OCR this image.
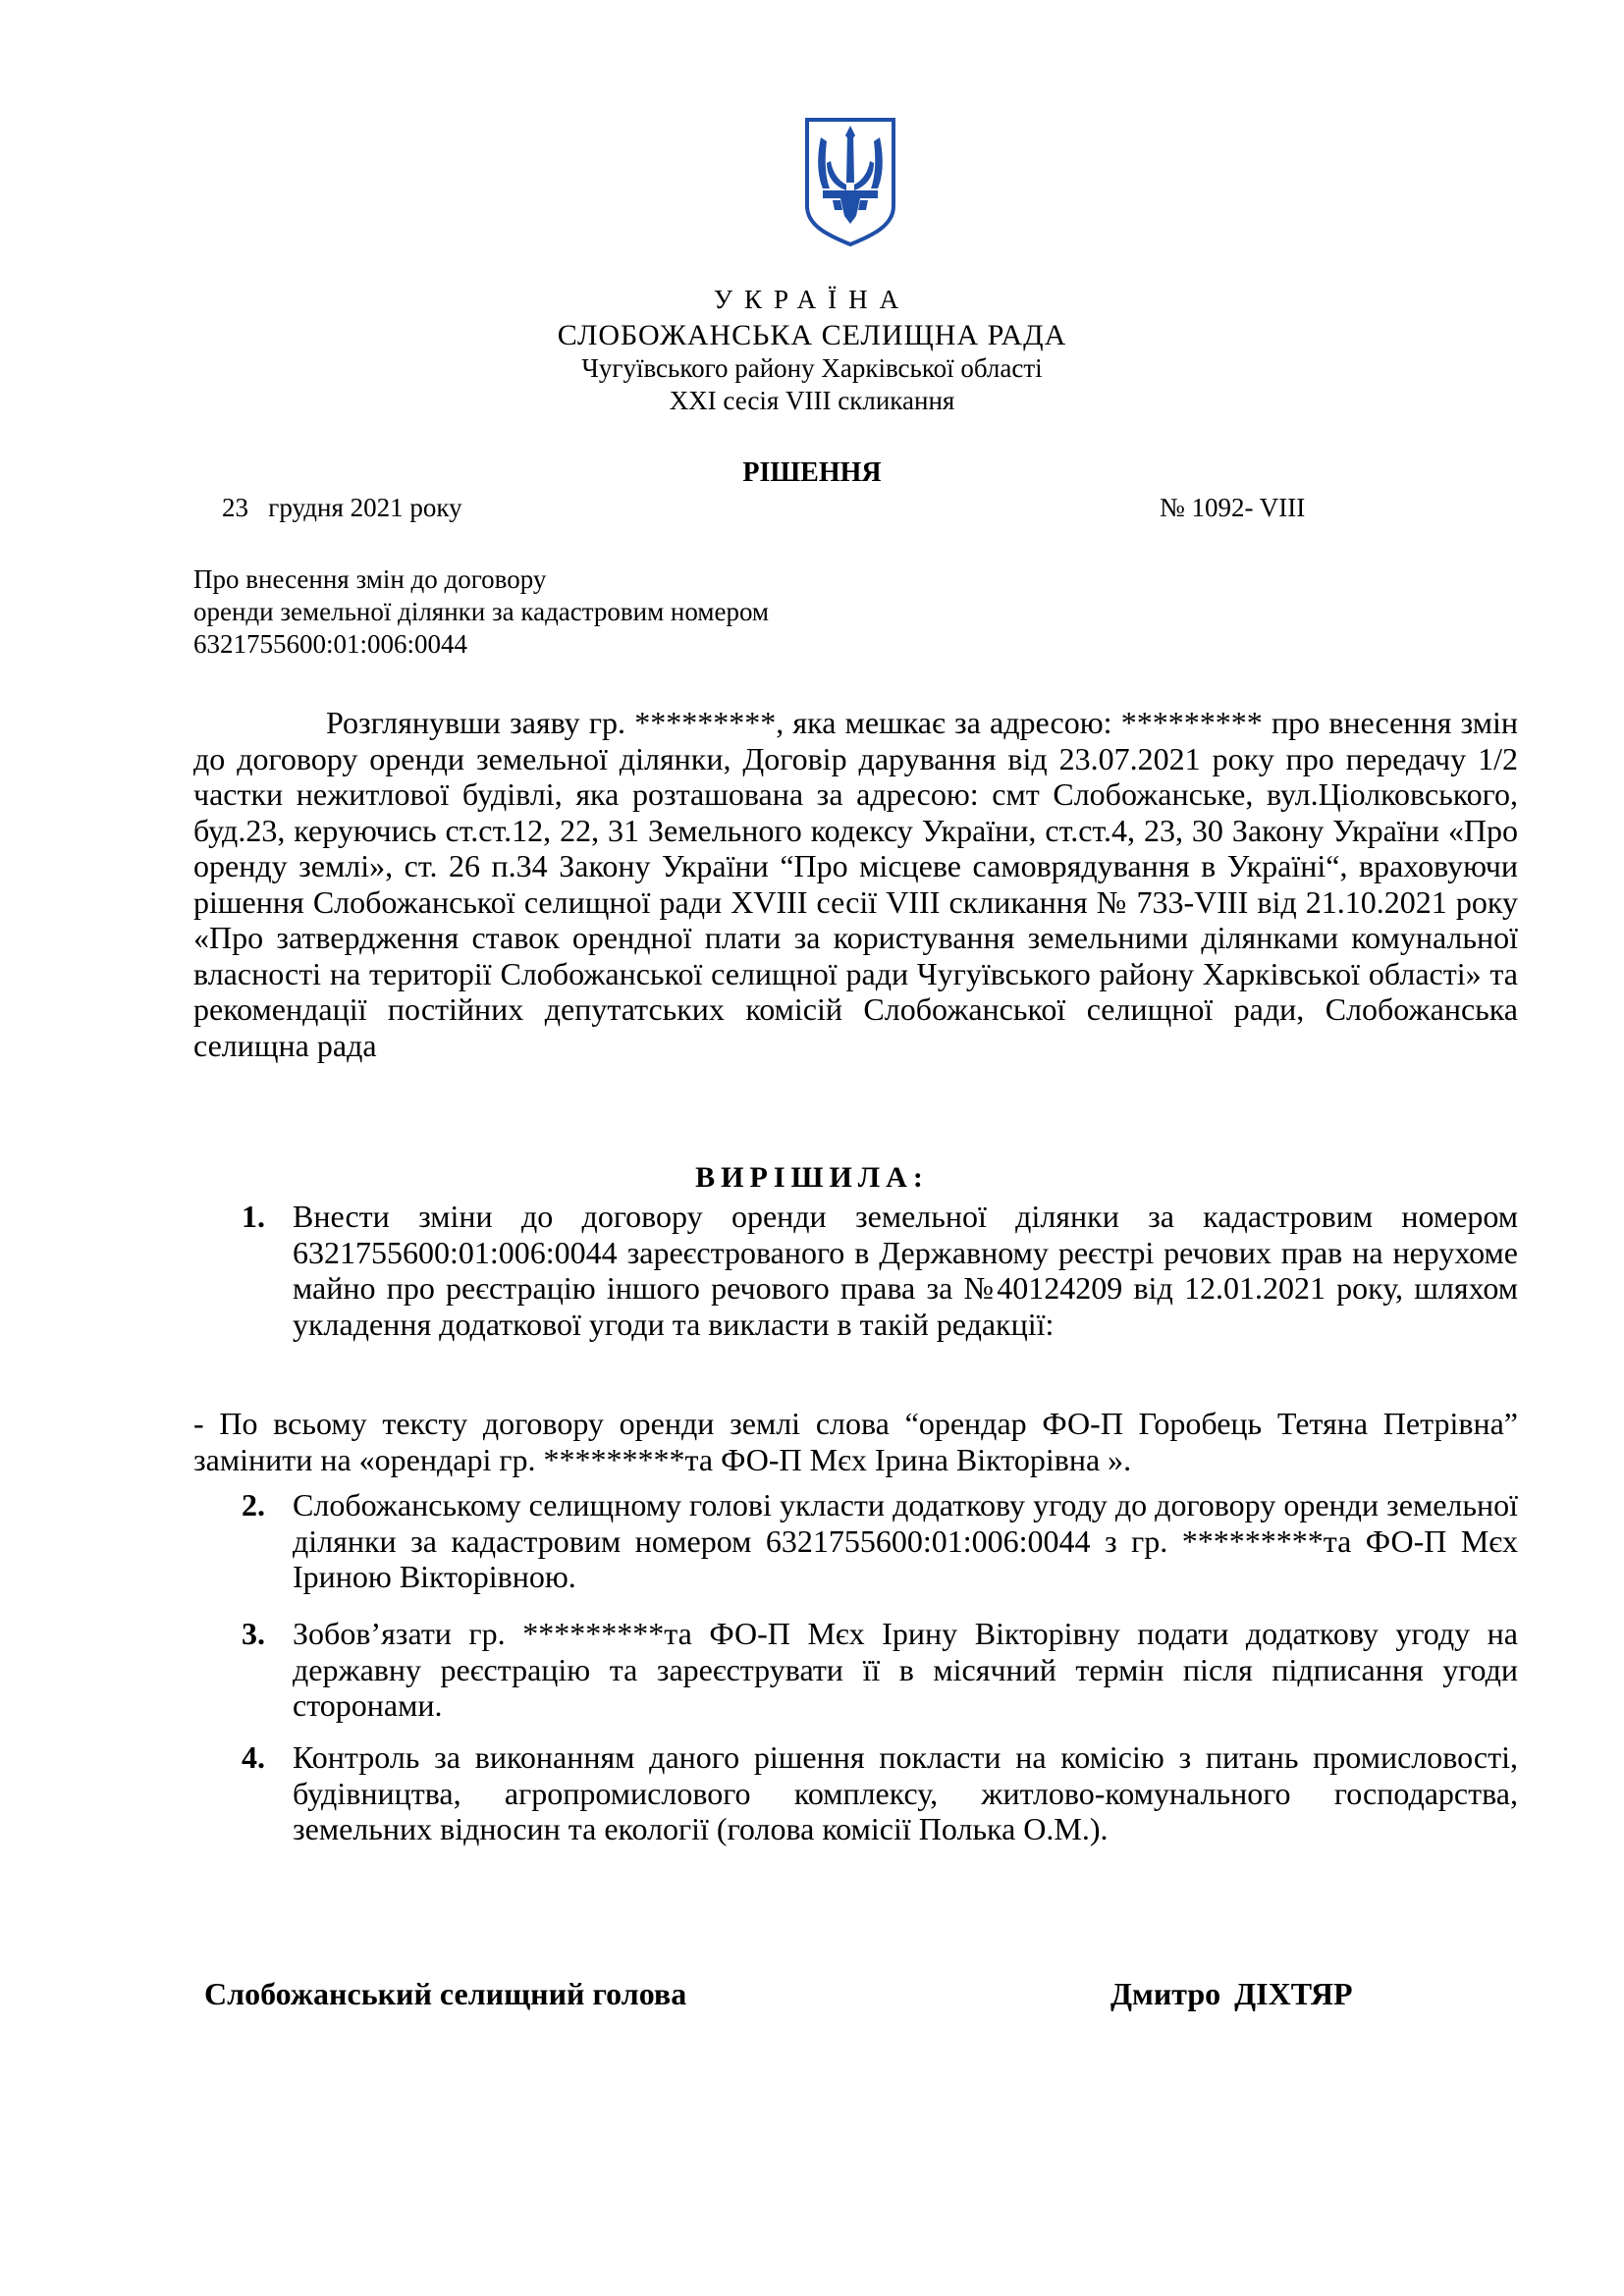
УКРАЇНА
СЛОБОЖАНСЬКА СЕЛИЩНА РАДА
Чугуївського району Харківської області
XXI сесія VIII скликання
РІШЕННЯ
23   грудня 2021 року	№ 1092- VIII
Про внесення змін до договору
оренди земельної ділянки за кадастровим номером
6321755600:01:006:0044
Розглянувши заяву гр. *********, яка мешкає за адресою: ********* про внесення змін до договору оренди земельної ділянки, Договір дарування від 23.07.2021 року про передачу 1/2 частки нежитлової будівлі, яка розташована за адресою: смт Слобожанське, вул.Ціолковського, буд.23, керуючись ст.ст.12, 22, 31 Земельного кодексу України, ст.ст.4, 23, 30 Закону України «Про оренду землі», ст. 26 п.34 Закону України “Про місцеве самоврядування в Україні“, враховуючи рішення Слобожанської селищної ради XVIII сесії VIII скликання № 733-VIII від 21.10.2021 року «Про затвердження ставок орендної плати за користування земельними ділянками комунальної власності на території Слобожанської селищної ради Чугуївського району Харківської області» та рекомендації постійних депутатських комісій Слобожанської селищної ради, Слобожанська селищна рада
ВИРІШИЛА:
1. Внести зміни до договору оренди земельної ділянки за кадастровим номером 6321755600:01:006:0044 зареєстрованого в Державному реєстрі речових прав на нерухоме майно про реєстрацію іншого речового права за №40124209 від 12.01.2021 року, шляхом укладення додаткової угоди та викласти в такій редакції:
- По всьому тексту договору оренди землі слова “орендар ФО-П Горобець Тетяна Петрівна” замінити на «орендарі гр. *********та ФО-П Мєх Ірина Вікторівна ».
2. Слобожанському селищному голові укласти додаткову угоду до договору оренди земельної ділянки за кадастровим номером 6321755600:01:006:0044 з гр. *********та ФО-П Мєх Іриною Вікторівною.
3. Зобов’язати гр. *********та ФО-П Мєх Ірину Вікторівну подати додаткову угоду на державну реєстрацію та зареєструвати її в місячний термін після підписання угоди сторонами.
4. Контроль за виконанням даного рішення покласти на комісію з питань промисловості, будівництва, агропромислового комплексу, житлово-комунального господарства, земельних відносин та екології (голова комісії Полька О.М.).
Слобожанський селищний голова	Дмитро ДІХТЯР
